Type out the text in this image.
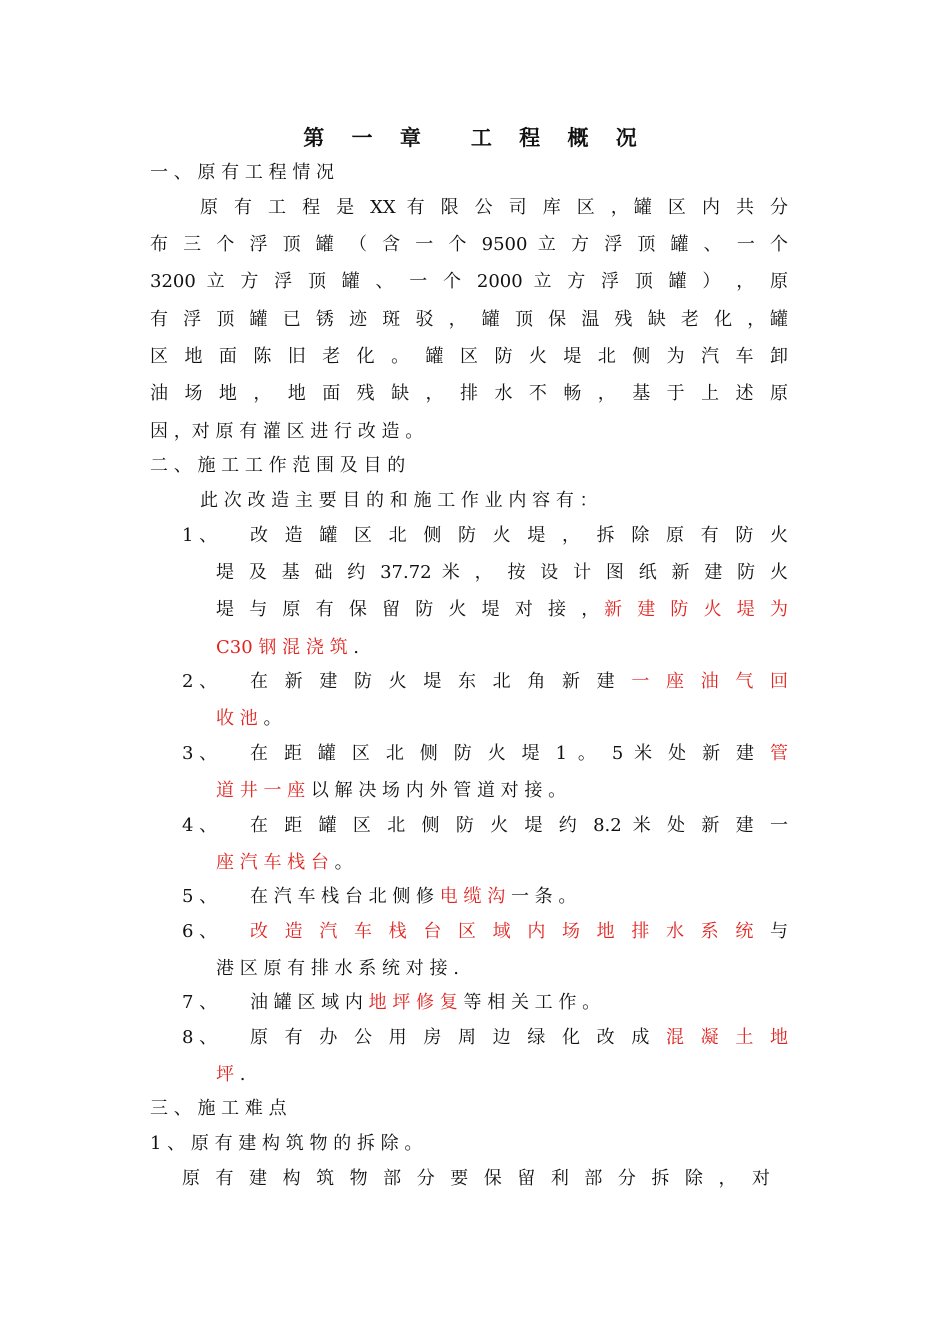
第 一 章 工 程 概 况
一 、 原 有 工 程 情 况
原 有 工 程 是 XX 有 限 公 司 库 区 ，罐 区 内 共 分
布 三 个 浮 顶 罐 （ 含 一 个 9500 立 方 浮 顶 罐 、 一 个
3200 立 方 浮 顶 罐 、 一 个 2000 立 方 浮 顶 罐 ） ， 原
有 浮 顶 罐 已 锈 迹 斑 驳 ， 罐 顶 保 温 残 缺 老 化 ，罐
区 地 面 陈 旧 老 化 。 罐 区 防 火 堤 北 侧 为 汽 车 卸
油 场 地 ， 地 面 残 缺 ， 排 水 不 畅 ， 基 于 上 述 原
因 ，对 原 有 灌 区 进 行 改 造 。
二 、 施 工 工 作 范 围 及 目 的
此 次 改 造 主 要 目 的 和 施 工 作 业 内 容 有 ：
1 、 改 造 罐 区 北 侧 防 火 堤 ， 拆 除 原 有 防 火
堤 及 基 础 约 37.72 米 ， 按 设 计 图 纸 新 建 防 火
堤 与 原 有 保 留 防 火 堤 对 接 ，新 建 防 火 堤 为
C30 钢 混 浇 筑 .
2 、 在 新 建 防 火 堤 东 北 角 新 建 一 座 油 气 回
收 池 。
3 、 在 距 罐 区 北 侧 防 火 堤 1 。 5 米 处 新 建 管
道 井 一 座 以 解 决 场 内 外 管 道 对 接 。
4 、 在 距 罐 区 北 侧 防 火 堤 约 8.2 米 处 新 建 一
座 汽 车 栈 台 。
5 、 在 汽 车 栈 台 北 侧 修 电 缆 沟 一 条 。
6 、 改 造 汽 车 栈 台 区 域 内 场 地 排 水 系 统 与
港 区 原 有 排 水 系 统 对 接 .
7 、 油 罐 区 域 内 地 坪 修 复 等 相 关 工 作 。
8 、 原 有 办 公 用 房 周 边 绿 化 改 成 混 凝 土 地
坪 .
三 、 施 工 难 点
1 、 原 有 建 构 筑 物 的 拆 除 。
原 有 建 构 筑 物 部 分 要 保 留 利 部 分 拆 除 ， 对
